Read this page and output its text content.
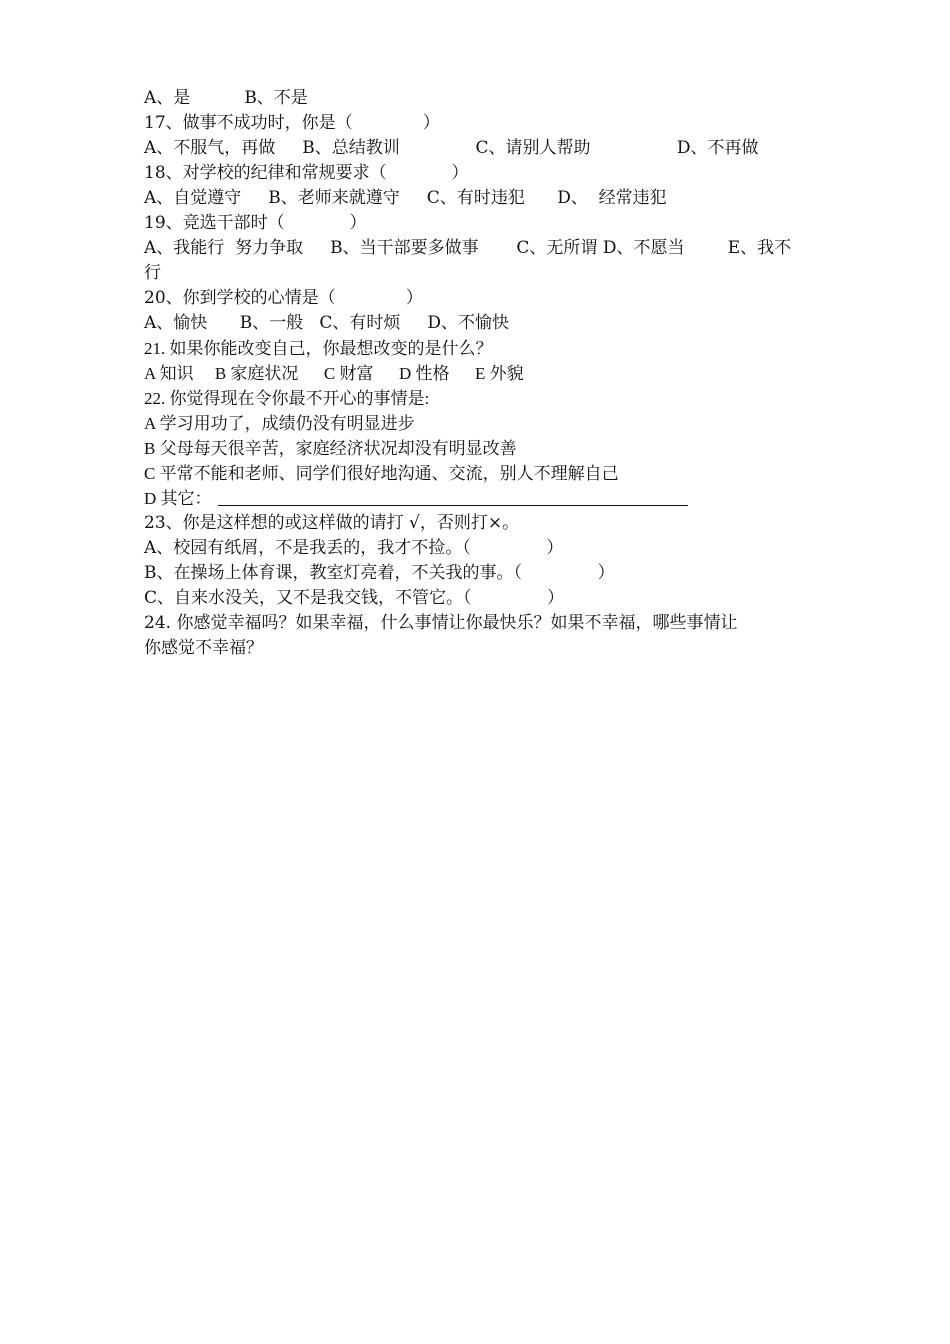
A、是          B、不是
17、做事不成功时，你是（             ）
A、不服气，再做     B、总结教训              C、请别人帮助                D、不再做
18、对学校的纪律和常规要求（            ）
A、自觉遵守     B、老师来就遵守     C、有时违犯      D、  经常违犯
19、竞选干部时（            ）
A、我能行  努力争取     B、当干部要多做事       C、无所谓 D、不愿当        E、我不
行
20、你到学校的心情是（             ）
A、愉快      B、一般   C、有时烦     D、不愉快
21. 如果你能改变自己，你最想改变的是什么？
A 知识     B 家庭状况      C 财富      D 性格      E 外貌
22. 你觉得现在令你最不开心的事情是:
A 学习用功了，成绩仍没有明显进步
B 父母每天很辛苦，家庭经济状况却没有明显改善
C 平常不能和老师、同学们很好地沟通、交流，别人不理解自己
D 其它：
23、你是这样想的或这样做的请打 √，否则打×。
A、校园有纸屑，不是我丢的，我才不捡。（              ）
B、在操场上体育课，教室灯亮着，不关我的事。（              ）
C、自来水没关，又不是我交钱，不管它。（              ）
24. 你感觉幸福吗？如果幸福，什么事情让你最快乐？如果不幸福，哪些事情让
你感觉不幸福？
